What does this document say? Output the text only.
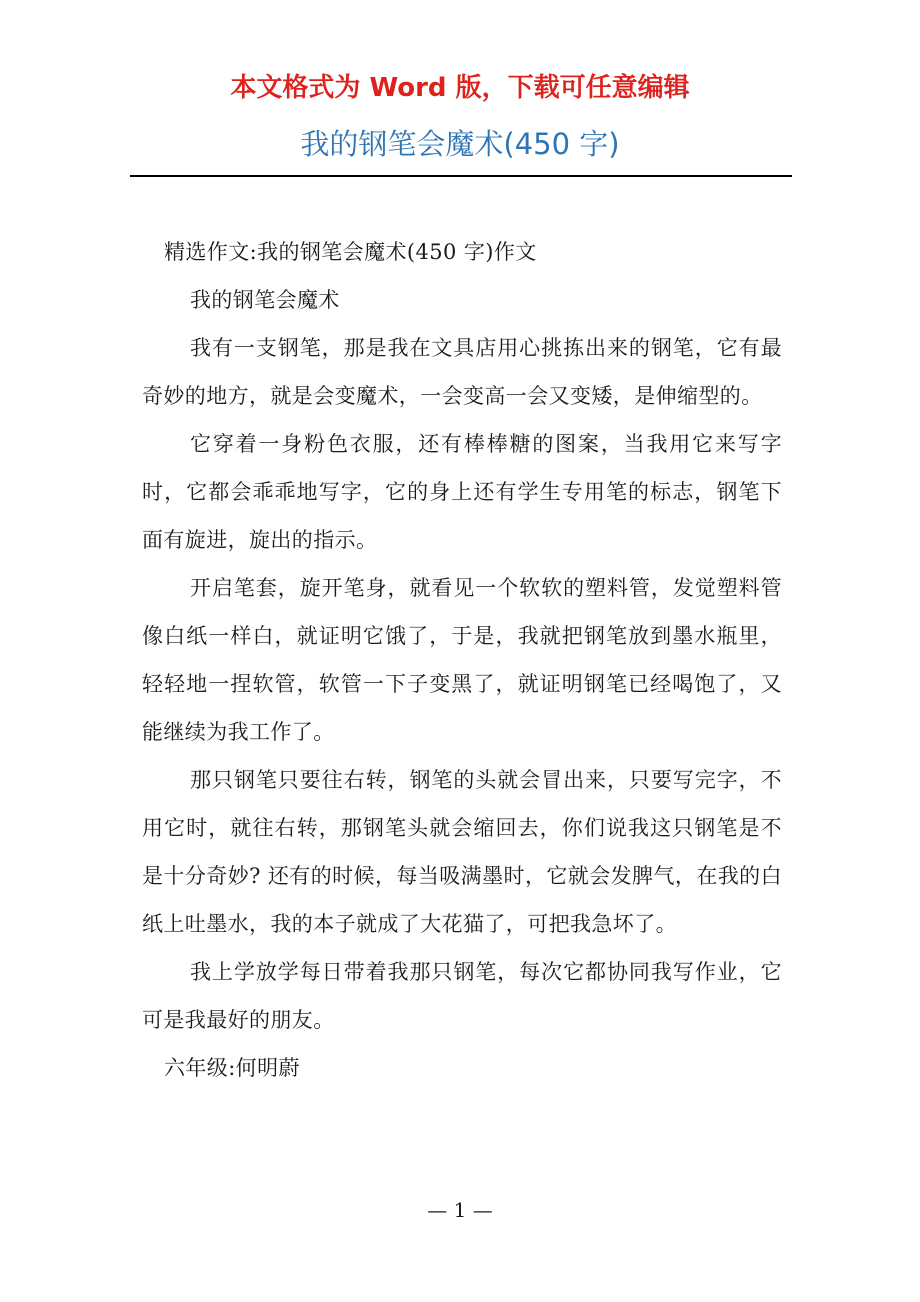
本文格式为 Word 版，下载可任意编辑
我的钢笔会魔术(450 字)

精选作文:我的钢笔会魔术(450 字)作文

我的钢笔会魔术

我有一支钢笔，那是我在文具店用心挑拣出来的钢笔，它有最奇妙的地方，就是会变魔术，一会变高一会又变矮，是伸缩型的。

它穿着一身粉色衣服，还有棒棒糖的图案，当我用它来写字时，它都会乖乖地写字，它的身上还有学生专用笔的标志，钢笔下面有旋进，旋出的指示。

开启笔套，旋开笔身，就看见一个软软的塑料管，发觉塑料管像白纸一样白，就证明它饿了，于是，我就把钢笔放到墨水瓶里，轻轻地一捏软管，软管一下子变黑了，就证明钢笔已经喝饱了，又能继续为我工作了。

那只钢笔只要往右转，钢笔的头就会冒出来，只要写完字，不用它时，就往右转，那钢笔头就会缩回去，你们说我这只钢笔是不是十分奇妙? 还有的时候，每当吸满墨时，它就会发脾气，在我的白纸上吐墨水，我的本子就成了大花猫了，可把我急坏了。

我上学放学每日带着我那只钢笔，每次它都协同我写作业，它可是我最好的朋友。

六年级:何明蔚

— 1 —
